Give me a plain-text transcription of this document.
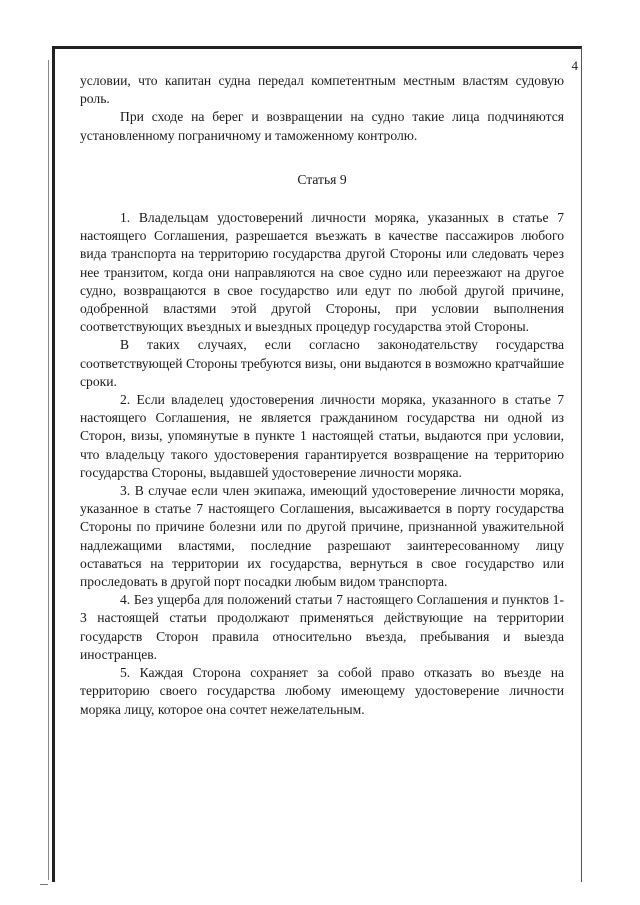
4

условии, что капитан судна передал компетентным местным властям судовую роль.

При сходе на берег и возвращении на судно такие лица подчиняются установленному пограничному и таможенному контролю.

Статья 9

1. Владельцам удостоверений личности моряка, указанных в статье 7 настоящего Соглашения, разрешается въезжать в качестве пассажиров любого вида транспорта на территорию государства другой Стороны или следовать через нее транзитом, когда они направляются на свое судно или переезжают на другое судно, возвращаются в свое государство или едут по любой другой причине, одобренной властями этой другой Стороны, при условии выполнения соответствующих въездных и выездных процедур государства этой Стороны.

В таких случаях, если согласно законодательству государства соответствующей Стороны требуются визы, они выдаются в возможно кратчайшие сроки.

2. Если владелец удостоверения личности моряка, указанного в статье 7 настоящего Соглашения, не является гражданином государства ни одной из Сторон, визы, упомянутые в пункте 1 настоящей статьи, выдаются при условии, что владельцу такого удостоверения гарантируется возвращение на территорию государства Стороны, выдавшей удостоверение личности моряка.

3. В случае если член экипажа, имеющий удостоверение личности моряка, указанное в статье 7 настоящего Соглашения, высаживается в порту государства Стороны по причине болезни или по другой причине, признанной уважительной надлежащими властями, последние разрешают заинтересованному лицу оставаться на территории их государства, вернуться в свое государство или проследовать в другой порт посадки любым видом транспорта.

4. Без ущерба для положений статьи 7 настоящего Соглашения и пунктов 1-3 настоящей статьи продолжают применяться действующие на территории государств Сторон правила относительно въезда, пребывания и выезда иностранцев.

5. Каждая Сторона сохраняет за собой право отказать во въезде на территорию своего государства любому имеющему удостоверение личности моряка лицу, которое она сочтет нежелательным.
